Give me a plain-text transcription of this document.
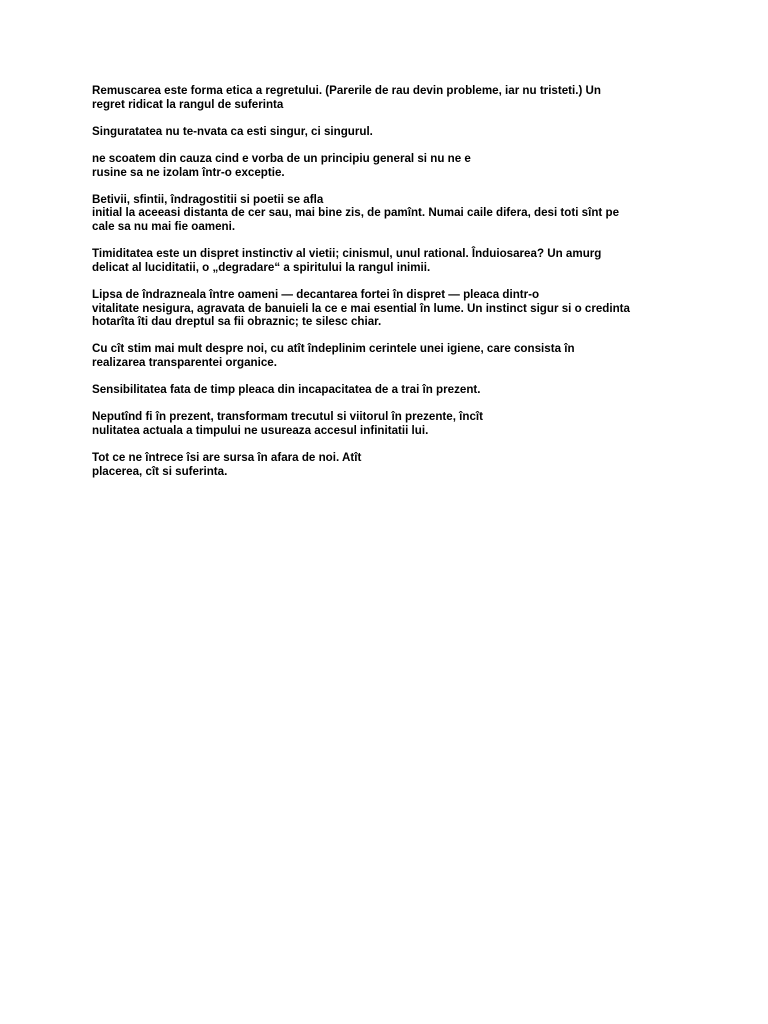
Remuscarea este forma etica a regretului. (Parerile de rau devin probleme, iar nu tristeti.) Un
regret ridicat la rangul de suferinta
Singuratatea nu te-nvata ca esti singur, ci singurul.
ne scoatem din cauza cind e vorba de un principiu general si nu ne e
rusine sa ne izolam într-o exceptie.
Betivii, sfintii, îndragostitii si poetii se afla
initial la aceeasi distanta de cer sau, mai bine zis, de pamînt. Numai caile difera, desi toti sînt pe
cale sa nu mai fie oameni.
Timiditatea este un dispret instinctiv al vietii; cinismul, unul rational. Înduiosarea? Un amurg
delicat al luciditatii, o „degradare“ a spiritului la rangul inimii.
Lipsa de îndrazneala între oameni — decantarea fortei în dispret — pleaca dintr-o
vitalitate nesigura, agravata de banuieli la ce e mai esential în lume. Un instinct sigur si o credinta
hotarîta îti dau dreptul sa fii obraznic; te silesc chiar.
Cu cît stim mai mult despre noi, cu atît îndeplinim cerintele unei igiene, care consista în
realizarea transparentei organice.
Sensibilitatea fata de timp pleaca din incapacitatea de a trai în prezent.
Neputînd fi în prezent, transformam trecutul si viitorul în prezente, încît
nulitatea actuala a timpului ne usureaza accesul infinitatii lui.
Tot ce ne întrece îsi are sursa în afara de noi. Atît
placerea, cît si suferinta.
